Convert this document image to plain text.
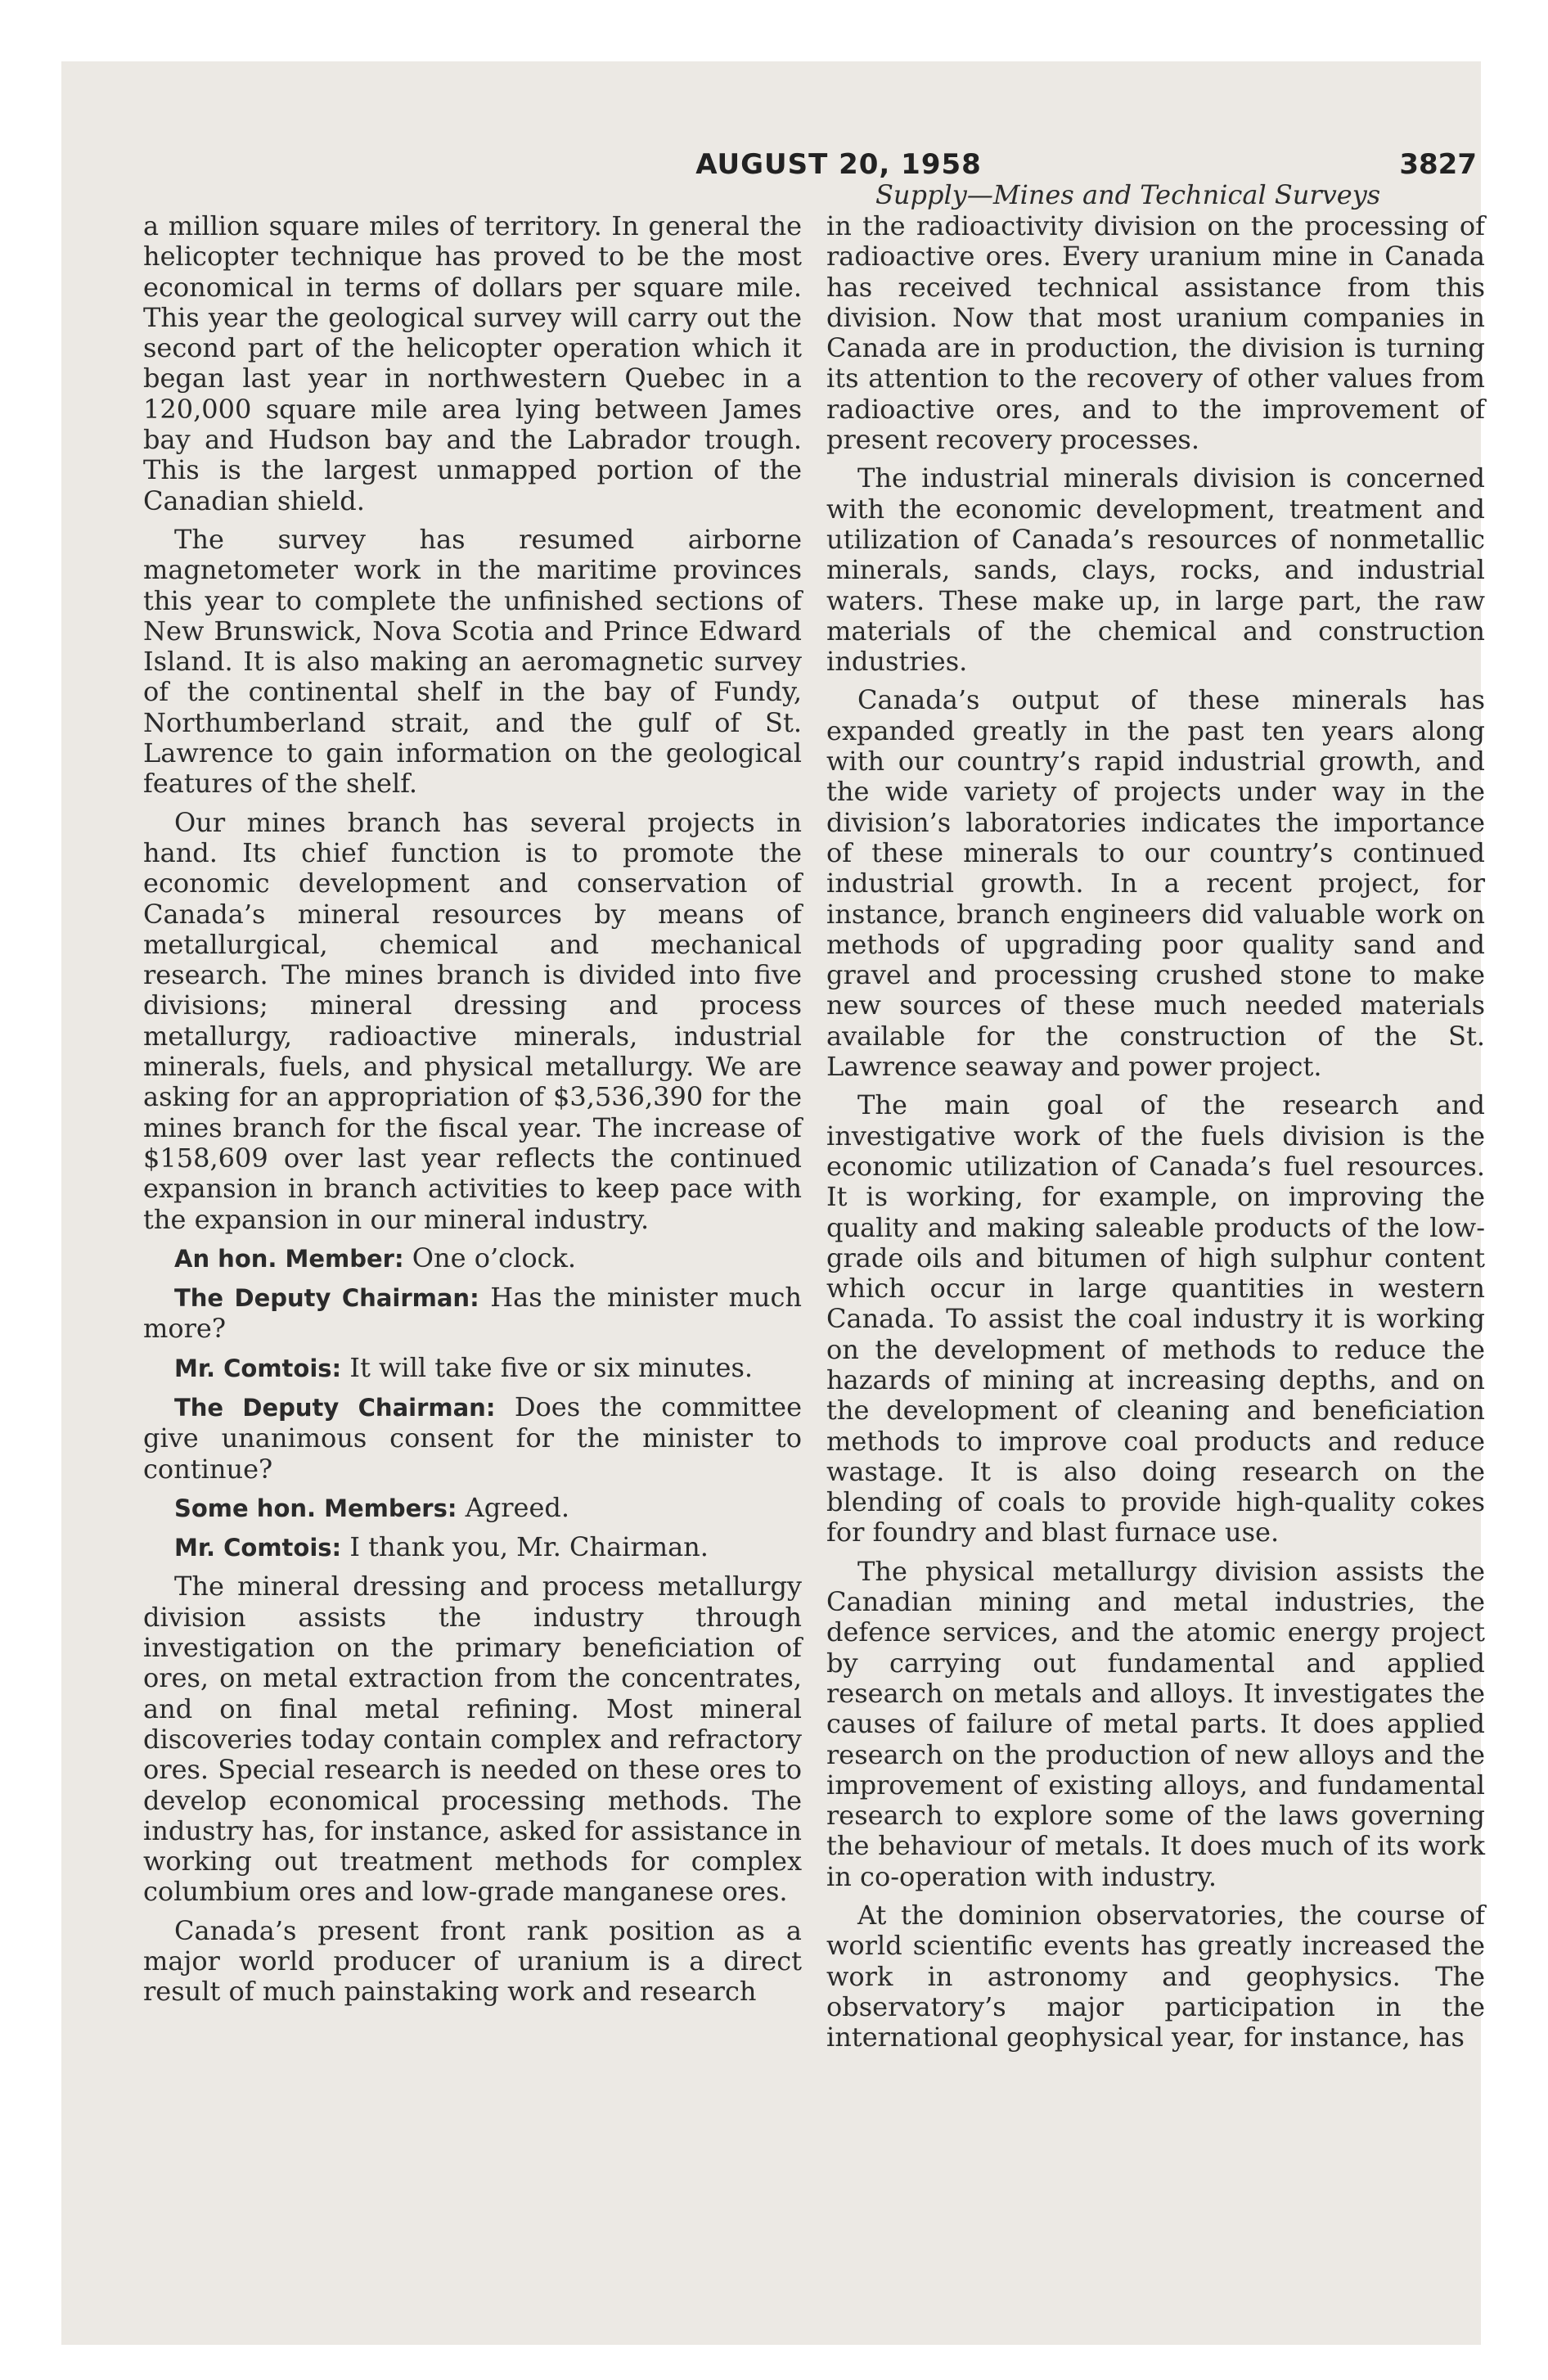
AUGUST 20, 1958	3827
Supply—Mines and Technical Surveys

a million square miles of territory. In general the helicopter technique has proved to be the most economical in terms of dollars per square mile. This year the geological survey will carry out the second part of the helicopter operation which it began last year in northwestern Quebec in a 120,000 square mile area lying between James bay and Hudson bay and the Labrador trough. This is the largest unmapped portion of the Canadian shield.

The survey has resumed airborne magnetometer work in the maritime provinces this year to complete the unfinished sections of New Brunswick, Nova Scotia and Prince Edward Island. It is also making an aeromagnetic survey of the continental shelf in the bay of Fundy, Northumberland strait, and the gulf of St. Lawrence to gain information on the geological features of the shelf.

Our mines branch has several projects in hand. Its chief function is to promote the economic development and conservation of Canada’s mineral resources by means of metallurgical, chemical and mechanical research. The mines branch is divided into five divisions; mineral dressing and process metallurgy, radioactive minerals, industrial minerals, fuels, and physical metallurgy. We are asking for an appropriation of $3,536,390 for the mines branch for the fiscal year. The increase of $158,609 over last year reflects the continued expansion in branch activities to keep pace with the expansion in our mineral industry.

An hon. Member: One o’clock.

The Deputy Chairman: Has the minister much more?

Mr. Comtois: It will take five or six minutes.

The Deputy Chairman: Does the committee give unanimous consent for the minister to continue?

Some hon. Members: Agreed.

Mr. Comtois: I thank you, Mr. Chairman.

The mineral dressing and process metallurgy division assists the industry through investigation on the primary beneficiation of ores, on metal extraction from the concentrates, and on final metal refining. Most mineral discoveries today contain complex and refractory ores. Special research is needed on these ores to develop economical processing methods. The industry has, for instance, asked for assistance in working out treatment methods for complex columbium ores and low-grade manganese ores.

Canada’s present front rank position as a major world producer of uranium is a direct result of much painstaking work and research

in the radioactivity division on the processing of radioactive ores. Every uranium mine in Canada has received technical assistance from this division. Now that most uranium companies in Canada are in production, the division is turning its attention to the recovery of other values from radioactive ores, and to the improvement of present recovery processes.

The industrial minerals division is concerned with the economic development, treatment and utilization of Canada’s resources of nonmetallic minerals, sands, clays, rocks, and industrial waters. These make up, in large part, the raw materials of the chemical and construction industries.

Canada’s output of these minerals has expanded greatly in the past ten years along with our country’s rapid industrial growth, and the wide variety of projects under way in the division’s laboratories indicates the importance of these minerals to our country’s continued industrial growth. In a recent project, for instance, branch engineers did valuable work on methods of upgrading poor quality sand and gravel and processing crushed stone to make new sources of these much needed materials available for the construction of the St. Lawrence seaway and power project.

The main goal of the research and investigative work of the fuels division is the economic utilization of Canada’s fuel resources. It is working, for example, on improving the quality and making saleable products of the low-grade oils and bitumen of high sulphur content which occur in large quantities in western Canada. To assist the coal industry it is working on the development of methods to reduce the hazards of mining at increasing depths, and on the development of cleaning and beneficiation methods to improve coal products and reduce wastage. It is also doing research on the blending of coals to provide high-quality cokes for foundry and blast furnace use.

The physical metallurgy division assists the Canadian mining and metal industries, the defence services, and the atomic energy project by carrying out fundamental and applied research on metals and alloys. It investigates the causes of failure of metal parts. It does applied research on the production of new alloys and the improvement of existing alloys, and fundamental research to explore some of the laws governing the behaviour of metals. It does much of its work in co-operation with industry.

At the dominion observatories, the course of world scientific events has greatly increased the work in astronomy and geophysics. The observatory’s major participation in the international geophysical year, for instance, has
